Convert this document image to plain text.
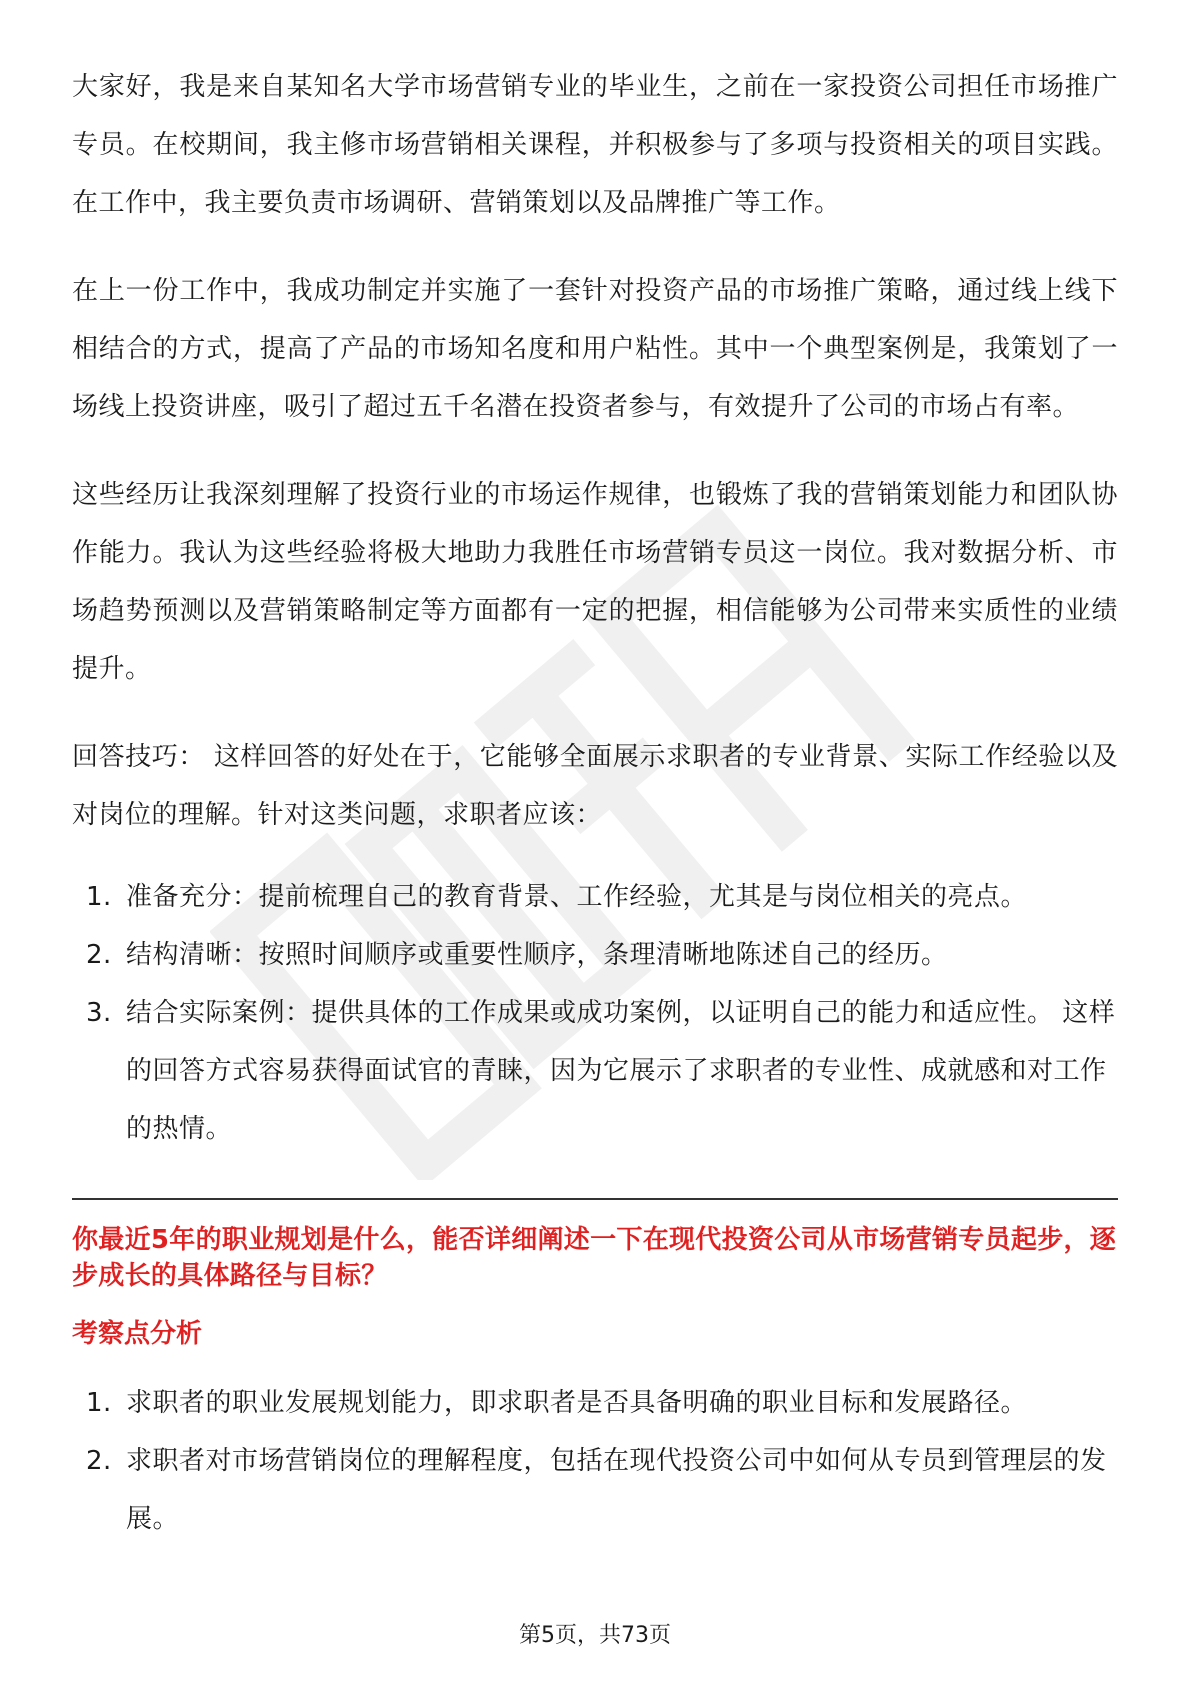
大家好，我是来自某知名大学市场营销专业的毕业生，之前在一家投资公司担任市场推广专员。在校期间，我主修市场营销相关课程，并积极参与了多项与投资相关的项目实践。在工作中，我主要负责市场调研、营销策划以及品牌推广等工作。

在上一份工作中，我成功制定并实施了一套针对投资产品的市场推广策略，通过线上线下相结合的方式，提高了产品的市场知名度和用户粘性。其中一个典型案例是，我策划了一场线上投资讲座，吸引了超过五千名潜在投资者参与，有效提升了公司的市场占有率。

这些经历让我深刻理解了投资行业的市场运作规律，也锻炼了我的营销策划能力和团队协作能力。我认为这些经验将极大地助力我胜任市场营销专员这一岗位。我对数据分析、市场趋势预测以及营销策略制定等方面都有一定的把握，相信能够为公司带来实质性的业绩提升。

回答技巧： 这样回答的好处在于，它能够全面展示求职者的专业背景、实际工作经验以及对岗位的理解。针对这类问题，求职者应该：

1. 准备充分：提前梳理自己的教育背景、工作经验，尤其是与岗位相关的亮点。
2. 结构清晰：按照时间顺序或重要性顺序，条理清晰地陈述自己的经历。
3. 结合实际案例：提供具体的工作成果或成功案例，以证明自己的能力和适应性。 这样的回答方式容易获得面试官的青睐，因为它展示了求职者的专业性、成就感和对工作的热情。
你最近5年的职业规划是什么，能否详细阐述一下在现代投资公司从市场营销专员起步，逐步成长的具体路径与目标？
考察点分析
1. 求职者的职业发展规划能力，即求职者是否具备明确的职业目标和发展路径。
2. 求职者对市场营销岗位的理解程度，包括在现代投资公司中如何从专员到管理层的发展。
第5页，共73页
